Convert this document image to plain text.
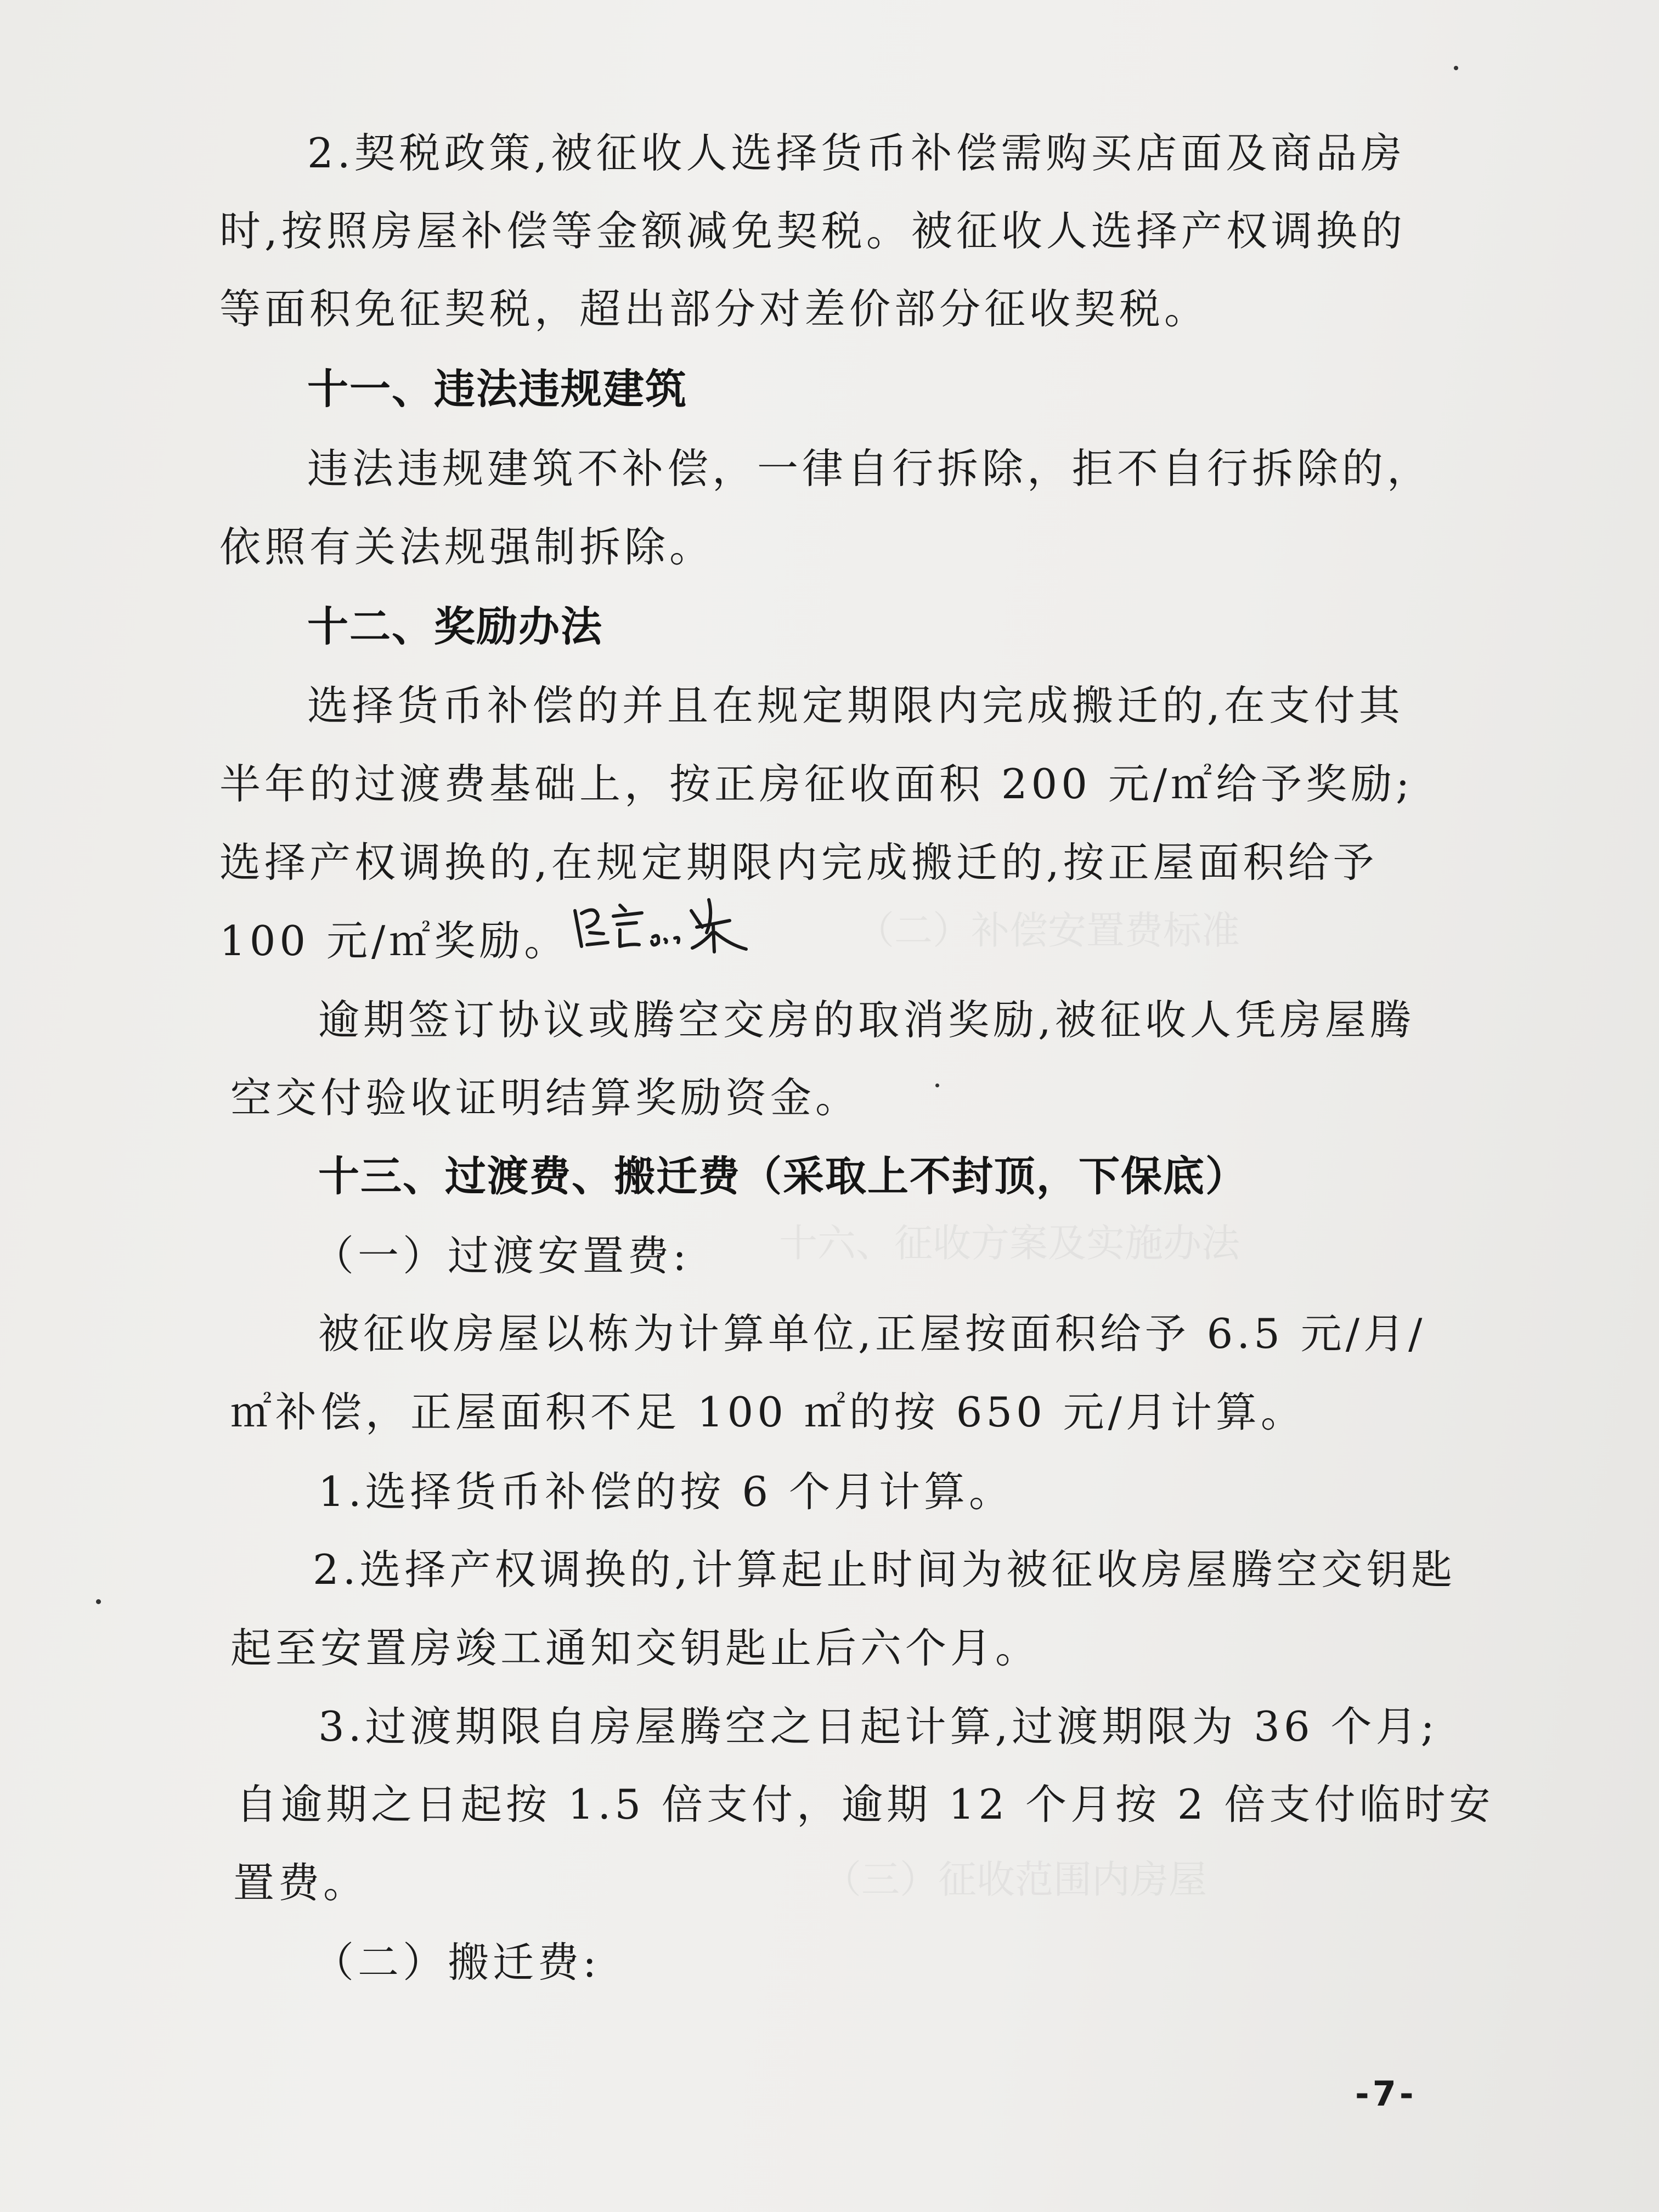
（二）补偿安置费标准
十六、征收方案及实施办法
（三）征收范围内房屋
2.契税政策,被征收人选择货币补偿需购买店面及商品房
时,按照房屋补偿等金额减免契税。被征收人选择产权调换的
等面积免征契税，超出部分对差价部分征收契税。
十一、违法违规建筑
违法违规建筑不补偿，一律自行拆除，拒不自行拆除的，
依照有关法规强制拆除。
十二、奖励办法
选择货币补偿的并且在规定期限内完成搬迁的,在支付其
半年的过渡费基础上，按正房征收面积 200 元/㎡给予奖励;
选择产权调换的,在规定期限内完成搬迁的,按正屋面积给予
100 元/㎡奖励。
逾期签订协议或腾空交房的取消奖励,被征收人凭房屋腾
空交付验收证明结算奖励资金。
十三、过渡费、搬迁费（采取上不封顶，下保底）
（一）过渡安置费:
被征收房屋以栋为计算单位,正屋按面积给予 6.5 元/月/
㎡补偿，正屋面积不足 100 ㎡的按 650 元/月计算。
1.选择货币补偿的按 6 个月计算。
2.选择产权调换的,计算起止时间为被征收房屋腾空交钥匙
起至安置房竣工通知交钥匙止后六个月。
3.过渡期限自房屋腾空之日起计算,过渡期限为 36 个月;
自逾期之日起按 1.5 倍支付，逾期 12 个月按 2 倍支付临时安
置费。
（二）搬迁费:
-7-
